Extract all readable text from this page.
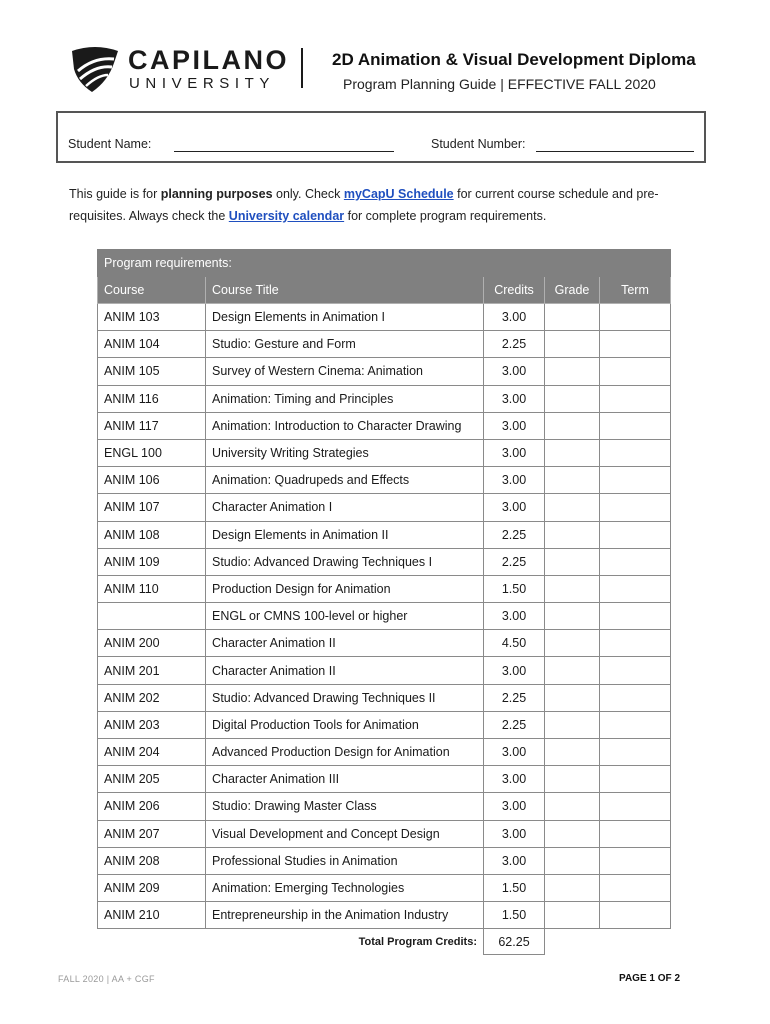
CAPILANO
UNIVERSITY
2D Animation & Visual Development Diploma
Program Planning Guide | EFFECTIVE FALL 2020
Student Name:	Student Number:
This guide is for planning purposes only. Check myCapU Schedule for current course schedule and pre-requisites. Always check the University calendar for complete program requirements.
Program requirements:				
Course	Course Title	Credits	Grade	Term
ANIM 103	Design Elements in Animation I	3.00		
ANIM 104	Studio: Gesture and Form	2.25		
ANIM 105	Survey of Western Cinema: Animation	3.00		
ANIM 116	Animation: Timing and Principles	3.00		
ANIM 117	Animation: Introduction to Character Drawing	3.00		
ENGL 100	University Writing Strategies	3.00		
ANIM 106	Animation: Quadrupeds and Effects	3.00		
ANIM 107	Character Animation I	3.00		
ANIM 108	Design Elements in Animation II	2.25		
ANIM 109	Studio: Advanced Drawing Techniques I	2.25		
ANIM 110	Production Design for Animation	1.50		
	ENGL or CMNS 100-level or higher	3.00		
ANIM 200	Character Animation II	4.50		
ANIM 201	Character Animation II	3.00		
ANIM 202	Studio: Advanced Drawing Techniques II	2.25		
ANIM 203	Digital Production Tools for Animation	2.25		
ANIM 204	Advanced Production Design for Animation	3.00		
ANIM 205	Character Animation III	3.00		
ANIM 206	Studio: Drawing Master Class	3.00		
ANIM 207	Visual Development and Concept Design	3.00		
ANIM 208	Professional Studies in Animation	3.00		
ANIM 209	Animation: Emerging Technologies	1.50		
ANIM 210	Entrepreneurship in the Animation Industry	1.50		
Total Program Credits:		62.25		
FALL 2020 | AA + CGF	PAGE 1 OF 2
